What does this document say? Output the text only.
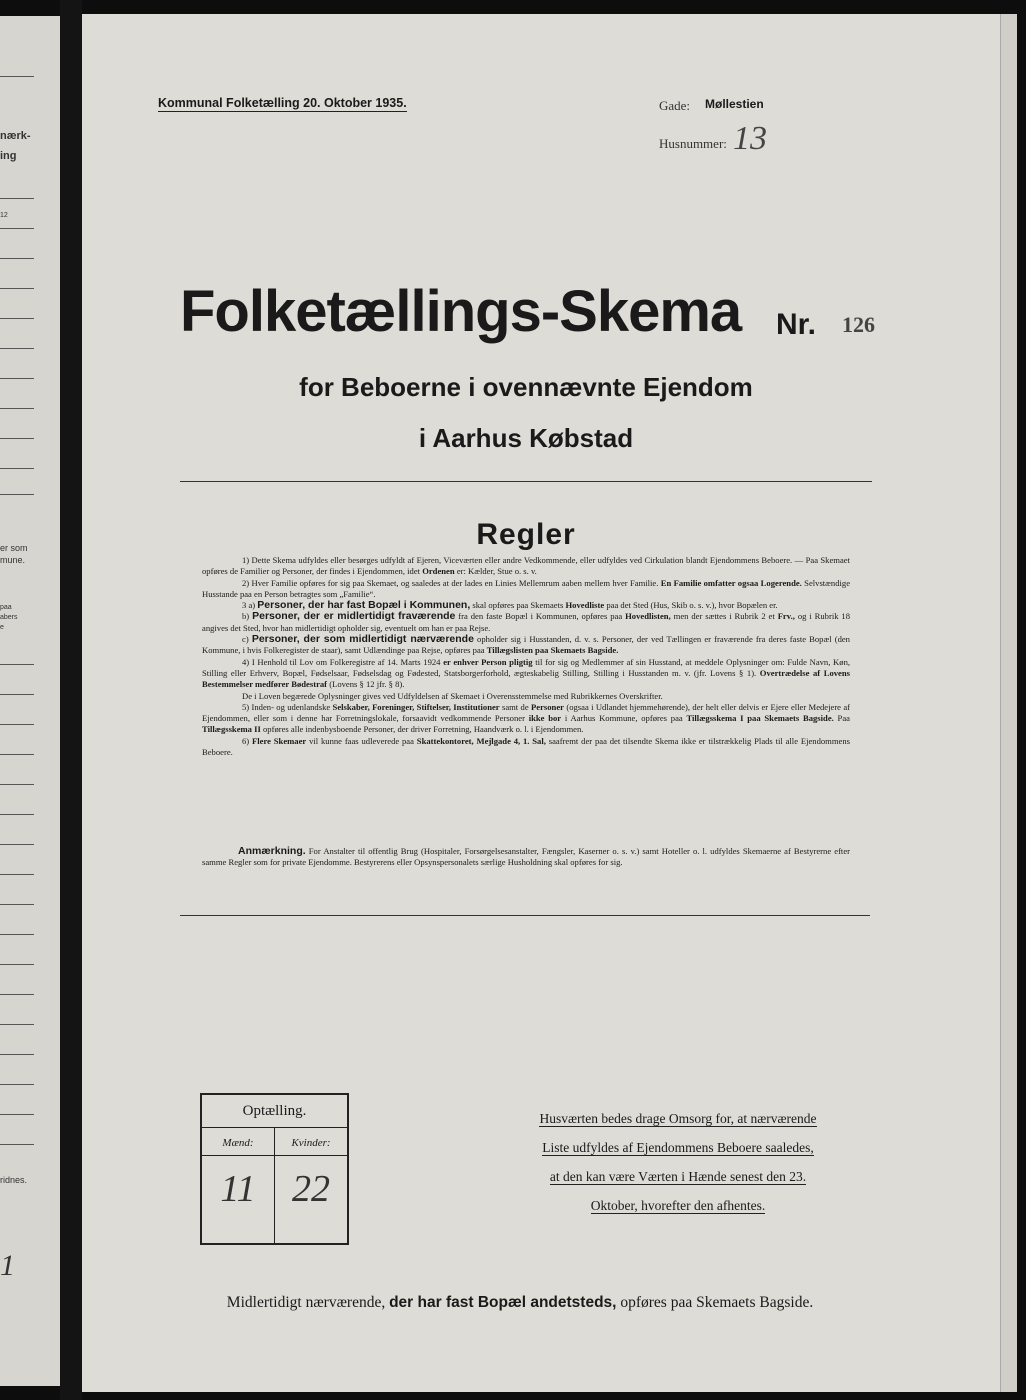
nærk-
ing
12
er som
mune.
paa
abers
e
ridnes.
1
Kommunal Folketælling 20. Oktober 1935.	Gade: Møllestien
Husnummer: 13
Folketællings-Skema Nr. 126
for Beboerne i ovennævnte Ejendom
i Aarhus Købstad
Regler

1) Dette Skema udfyldes eller besørges udfyldt af Ejeren, Viceværten eller andre Vedkommende, eller udfyldes ved Cirkulation blandt Ejendommens Beboere. — Paa Skemaet opføres de Familier og Personer, der findes i Ejendommen, idet Ordenen er: Kælder, Stue o. s. v.

2) Hver Familie opføres for sig paa Skemaet, og saaledes at der lades en Linies Mellemrum aaben mellem hver Familie. En Familie omfatter ogsaa Logerende. Selvstændige Husstande paa en Person betragtes som „Familie“.

3 a) Personer, der har fast Bopæl i Kommunen, skal opføres paa Skemaets Hovedliste paa det Sted (Hus, Skib o. s. v.), hvor Bopælen er.

b) Personer, der er midlertidigt fraværende fra den faste Bopæl i Kommunen, opføres paa Hovedlisten, men der sættes i Rubrik 2 et Frv., og i Rubrik 18 angives det Sted, hvor han midlertidigt opholder sig, eventuelt om han er paa Rejse.

c) Personer, der som midlertidigt nærværende opholder sig i Husstanden, d. v. s. Personer, der ved Tællingen er fraværende fra deres faste Bopæl (den Kommune, i hvis Folkeregister de staar), samt Udlændinge paa Rejse, opføres paa Tillægslisten paa Skemaets Bagside.

4) I Henhold til Lov om Folkeregistre af 14. Marts 1924 er enhver Person pligtig til for sig og Medlemmer af sin Husstand, at meddele Oplysninger om: Fulde Navn, Køn, Stilling eller Erhverv, Bopæl, Fødselsaar, Fødselsdag og Fødested, Statsborgerforhold, ægteskabelig Stilling, Stilling i Husstanden m. v. (jfr. Lovens § 1). Overtrædelse af Lovens Bestemmelser medfører Bødestraf (Lovens § 12 jfr. § 8).

De i Loven begærede Oplysninger gives ved Udfyldelsen af Skemaet i Overensstemmelse med Rubrikkernes Overskrifter.

5) Inden- og udenlandske Selskaber, Foreninger, Stiftelser, Institutioner samt de Personer (ogsaa i Udlandet hjemmehørende), der helt eller delvis er Ejere eller Medejere af Ejendommen, eller som i denne har Forretningslokale, forsaavidt vedkommende Personer ikke bor i Aarhus Kommune, opføres paa Tillægsskema I paa Skemaets Bagside. Paa Tillægsskema II opføres alle indenbysboende Personer, der driver Forretning, Haandværk o. l. i Ejendommen.

6) Flere Skemaer vil kunne faas udleverede paa Skattekontoret, Mejlgade 4, 1. Sal, saafremt der paa det tilsendte Skema ikke er tilstrækkelig Plads til alle Ejendommens Beboere.

Anmærkning. For Anstalter til offentlig Brug (Hospitaler, Forsørgelsesanstalter, Fængsler, Kaserner o. s. v.) samt Hoteller o. l. udfyldes Skemaerne af Bestyrerne efter samme Regler som for private Ejendomme. Bestyrerens eller Opsynspersonalets særlige Husholdning skal opføres for sig.
Optælling.
Mænd:	Kvinder:
11 22
Husværten bedes drage Omsorg for, at nærværende
Liste udfyldes af Ejendommens Beboere saaledes,
at den kan være Værten i Hænde senest den 23.
Oktober, hvorefter den afhentes.
Midlertidigt nærværende, der har fast Bopæl andetsteds, opføres paa Skemaets Bagside.
